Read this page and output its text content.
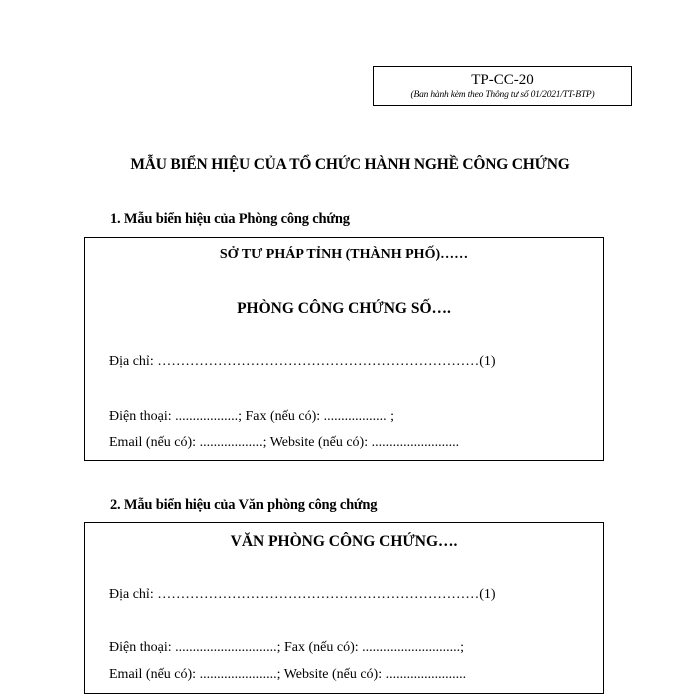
TP-CC-20
(Ban hành kèm theo Thông tư số 01/2021/TT-BTP)
MẪU BIỂN HIỆU CỦA TỔ CHỨC HÀNH NGHỀ CÔNG CHỨNG
1. Mẫu biển hiệu của Phòng công chứng
SỞ TƯ PHÁP TỈNH (THÀNH PHỐ)……
PHÒNG CÔNG CHỨNG SỐ….
Địa chỉ: ……………………………………………………………(1)
Điện thoại: ..................; Fax (nếu có): .................. ;
Email (nếu có): ..................; Website (nếu có): .........................
2. Mẫu biển hiệu của Văn phòng công chứng
VĂN PHÒNG CÔNG CHỨNG….
Địa chỉ: ……………………………………………………………(1)
Điện thoại: .............................; Fax (nếu có): ............................;
Email (nếu có): ......................; Website (nếu có): .......................
